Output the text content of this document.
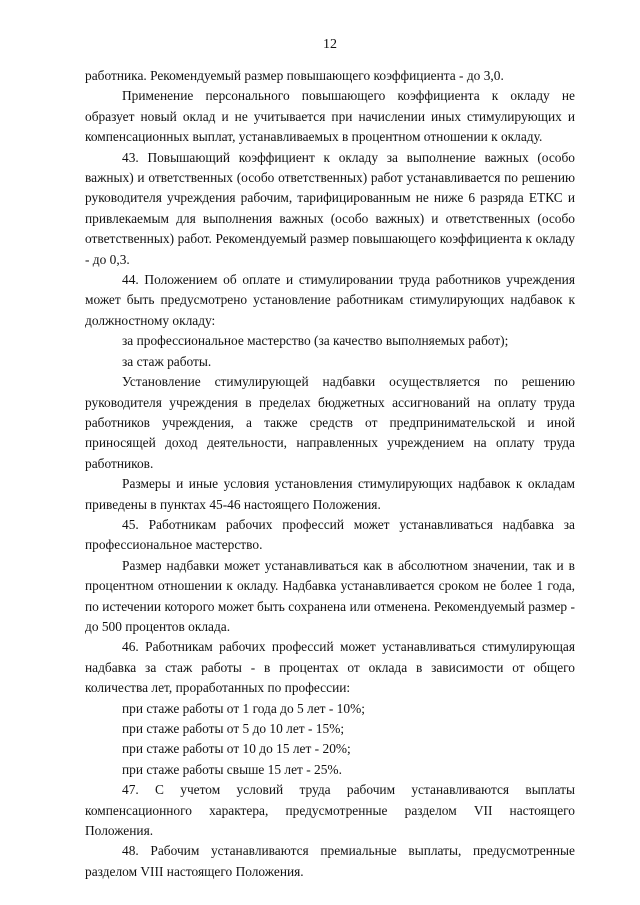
12

работника. Рекомендуемый размер повышающего коэффициента - до 3,0.

Применение персонального повышающего коэффициента к окладу не образует новый оклад и не учитывается при начислении иных стимулирующих и компенсационных выплат, устанавливаемых в процентном отношении к окладу.

43. Повышающий коэффициент к окладу за выполнение важных (особо важных) и ответственных (особо ответственных) работ устанавливается по решению руководителя учреждения рабочим, тарифицированным не ниже 6 разряда ЕТКС и привлекаемым для выполнения важных (особо важных) и ответственных (особо ответственных) работ. Рекомендуемый размер повышающего коэффициента к окладу - до 0,3.

44. Положением об оплате и стимулировании труда работников учреждения может быть предусмотрено установление работникам стимулирующих надбавок к должностному окладу:

за профессиональное мастерство (за качество выполняемых работ);

за стаж работы.

Установление стимулирующей надбавки осуществляется по решению руководителя учреждения в пределах бюджетных ассигнований на оплату труда работников учреждения, а также средств от предпринимательской и иной приносящей доход деятельности, направленных учреждением на оплату труда работников.

Размеры и иные условия установления стимулирующих надбавок к окладам приведены в пунктах 45-46 настоящего Положения.

45. Работникам рабочих профессий может устанавливаться надбавка за профессиональное мастерство.

Размер надбавки может устанавливаться как в абсолютном значении, так и в процентном отношении к окладу. Надбавка устанавливается сроком не более 1 года, по истечении которого может быть сохранена или отменена. Рекомендуемый размер - до 500 процентов оклада.

46. Работникам рабочих профессий может устанавливаться стимулирующая надбавка за стаж работы - в процентах от оклада в зависимости от общего количества лет, проработанных по профессии:

при стаже работы от 1 года до 5 лет - 10%;

при стаже работы от 5 до 10 лет - 15%;

при стаже работы от 10 до 15 лет - 20%;

при стаже работы свыше 15 лет - 25%.

47. С учетом условий труда рабочим устанавливаются выплаты компенсационного характера, предусмотренные разделом VII настоящего Положения.

48. Рабочим устанавливаются премиальные выплаты, предусмотренные разделом VIII настоящего Положения.
